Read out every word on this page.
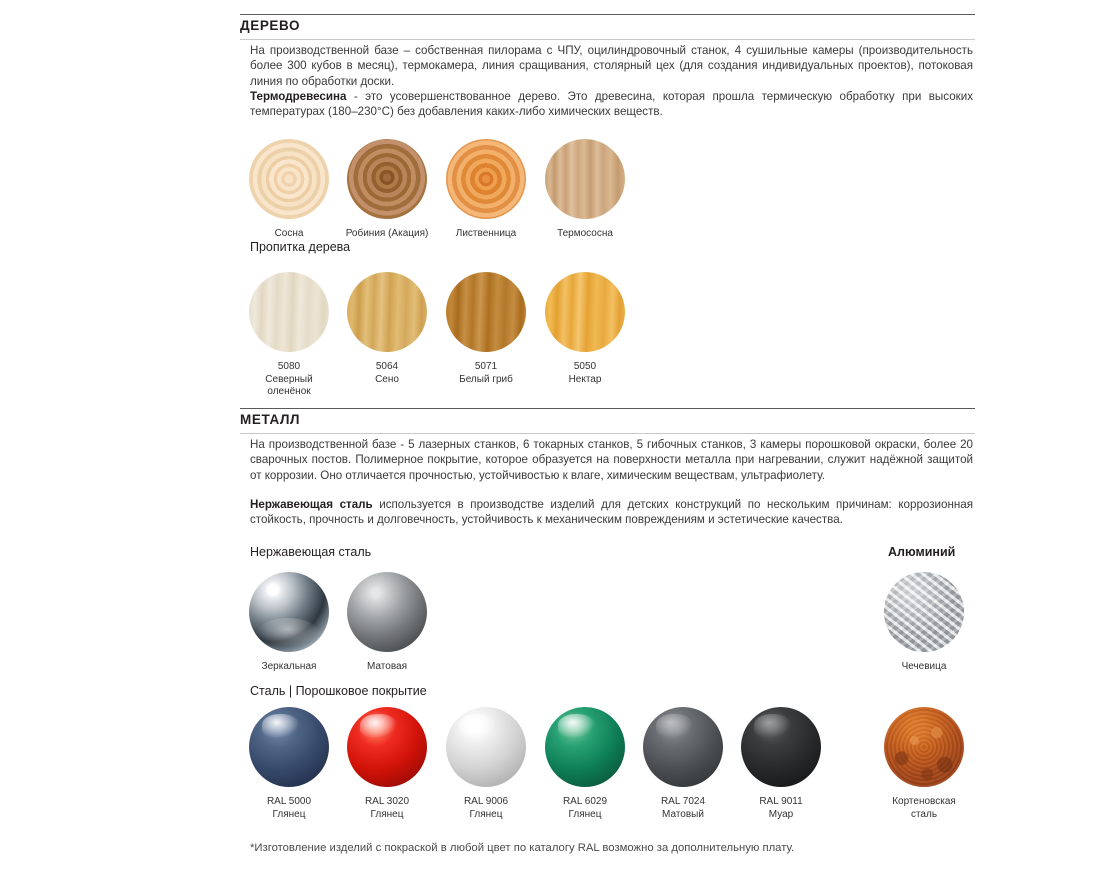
ДЕРЕВО
На производственной базе – собственная пилорама с ЧПУ, оцилиндровочный станок, 4 сушильные камеры (производительность более 300 кубов в месяц), термокамера, линия сращивания, столярный цех (для создания индивидуальных проектов), потоковая линия по обработки доски.
Термодревесина - это усовершенствованное дерево. Это древесина, которая прошла термическую обработку при высоких температурах (180–230°С) без добавления каких-либо химических веществ.
Сосна	Робиния (Акация)	Лиственница	Термососна
Пропитка дерева
5080
Северный оленёнок
5064
Сено
5071
Белый гриб
5050
Нектар
МЕТАЛЛ
На производственной базе - 5 лазерных станков, 6 токарных станков, 5 гибочных станков, 3 камеры порошковой окраски, более 20 сварочных постов. Полимерное покрытие, которое образуется на поверхности металла при нагревании, служит надёжной защитой от коррозии. Оно отличается прочностью, устойчивостью к влаге, химическим веществам, ультрафиолету.
Нержавеющая сталь используется в производстве изделий для детских конструкций по нескольким причинам: коррозионная стойкость, прочность и долговечность, устойчивость к механическим повреждениям и эстетические качества.
Нержавеющая сталь	Алюминий
Зеркальная	Матовая	Чечевица
Сталь | Порошковое покрытие
RAL 5000
Глянец
RAL 3020
Глянец
RAL 9006
Глянец
RAL 6029
Глянец
RAL 7024
Матовый
RAL 9011
Муар
Кортеновская
сталь
*Изготовление изделий с покраской в любой цвет по каталогу RAL возможно за дополнительную плату.
